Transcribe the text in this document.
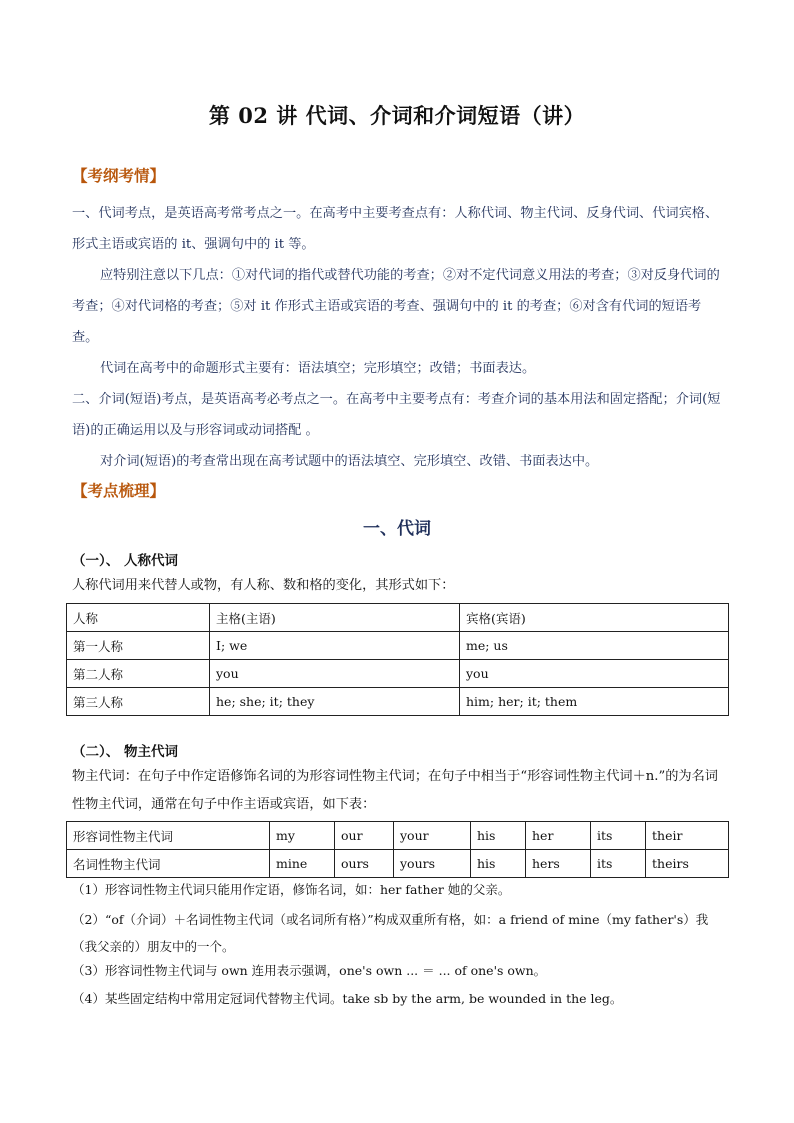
第 02 讲 代词、介词和介词短语（讲）
【考纲考情】
一、代词考点，是英语高考常考点之一。在高考中主要考查点有：人称代词、物主代词、反身代词、代词宾格、形式主语或宾语的 it、强调句中的 it 等。
应特别注意以下几点：①对代词的指代或替代功能的考查；②对不定代词意义用法的考查；③对反身代词的考查；④对代词格的考查；⑤对 it 作形式主语或宾语的考查、强调句中的 it 的考查；⑥对含有代词的短语考查。
代词在高考中的命题形式主要有：语法填空；完形填空；改错；书面表达。
二、介词(短语)考点，是英语高考必考点之一。在高考中主要考点有：考查介词的基本用法和固定搭配；介词(短语)的正确运用以及与形容词或动词搭配 。
对介词(短语)的考查常出现在高考试题中的语法填空、完形填空、改错、书面表达中。
【考点梳理】
一、代词
（一）、 人称代词
人称代词用来代替人或物，有人称、数和格的变化，其形式如下：
人称	主格(主语)	宾格(宾语)
第一人称	I; we	me; us
第二人称	you	you
第三人称	he; she; it; they	him; her; it; them
（二）、 物主代词
物主代词：在句子中作定语修饰名词的为形容词性物主代词；在句子中相当于“形容词性物主代词＋n.”的为名词性物主代词，通常在句子中作主语或宾语，如下表：
形容词性物主代词	my	our	your	his	her	its	their
名词性物主代词	mine	ours	yours	his	hers	its	theirs
（1）形容词性物主代词只能用作定语，修饰名词，如：her father 她的父亲。
（2）“of（介词）＋名词性物主代词（或名词所有格）”构成双重所有格，如：a friend of mine（my father's）我（我父亲的）朋友中的一个。
（3）形容词性物主代词与 own 连用表示强调，one's own ... ＝ ... of one's own。
（4）某些固定结构中常用定冠词代替物主代词。take sb by the arm, be wounded in the leg。
